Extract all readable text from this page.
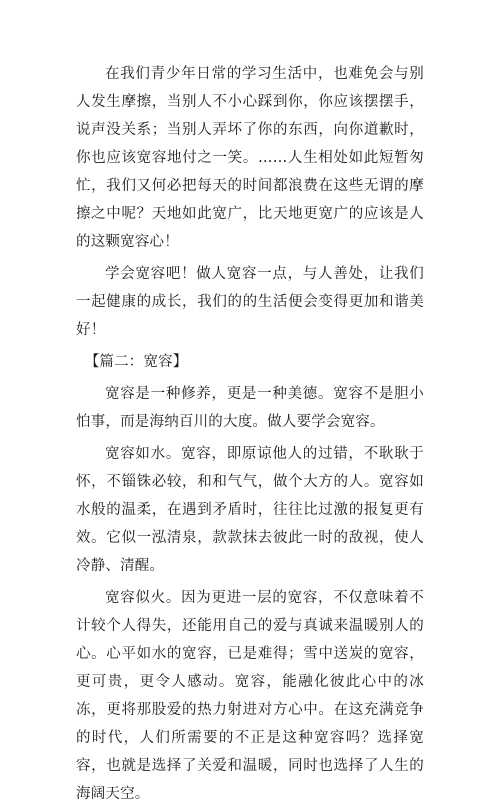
在我们青少年日常的学习生活中，也难免会与别人发生摩擦，当别人不小心踩到你，你应该摆摆手，说声没关系；当别人弄坏了你的东西，向你道歉时，你也应该宽容地付之一笑。……人生相处如此短暂匆忙，我们又何必把每天的时间都浪费在这些无谓的摩擦之中呢？天地如此宽广，比天地更宽广的应该是人的这颗宽容心！

学会宽容吧！做人宽容一点，与人善处，让我们一起健康的成长，我们的的生活便会变得更加和谐美好！

【篇二：宽容】

宽容是一种修养，更是一种美德。宽容不是胆小怕事，而是海纳百川的大度。做人要学会宽容。

宽容如水。宽容，即原谅他人的过错，不耿耿于怀，不锱铢必较，和和气气，做个大方的人。宽容如水般的温柔，在遇到矛盾时，往往比过激的报复更有效。它似一泓清泉，款款抹去彼此一时的敌视，使人冷静、清醒。

宽容似火。因为更进一层的宽容，不仅意味着不计较个人得失，还能用自己的爱与真诚来温暖别人的心。心平如水的宽容，已是难得；雪中送炭的宽容，更可贵，更令人感动。宽容，能融化彼此心中的冰冻，更将那股爱的热力射进对方心中。在这充满竞争的时代，人们所需要的不正是这种宽容吗？选择宽容，也就是选择了关爱和温暖，同时也选择了人生的海阔天空。
